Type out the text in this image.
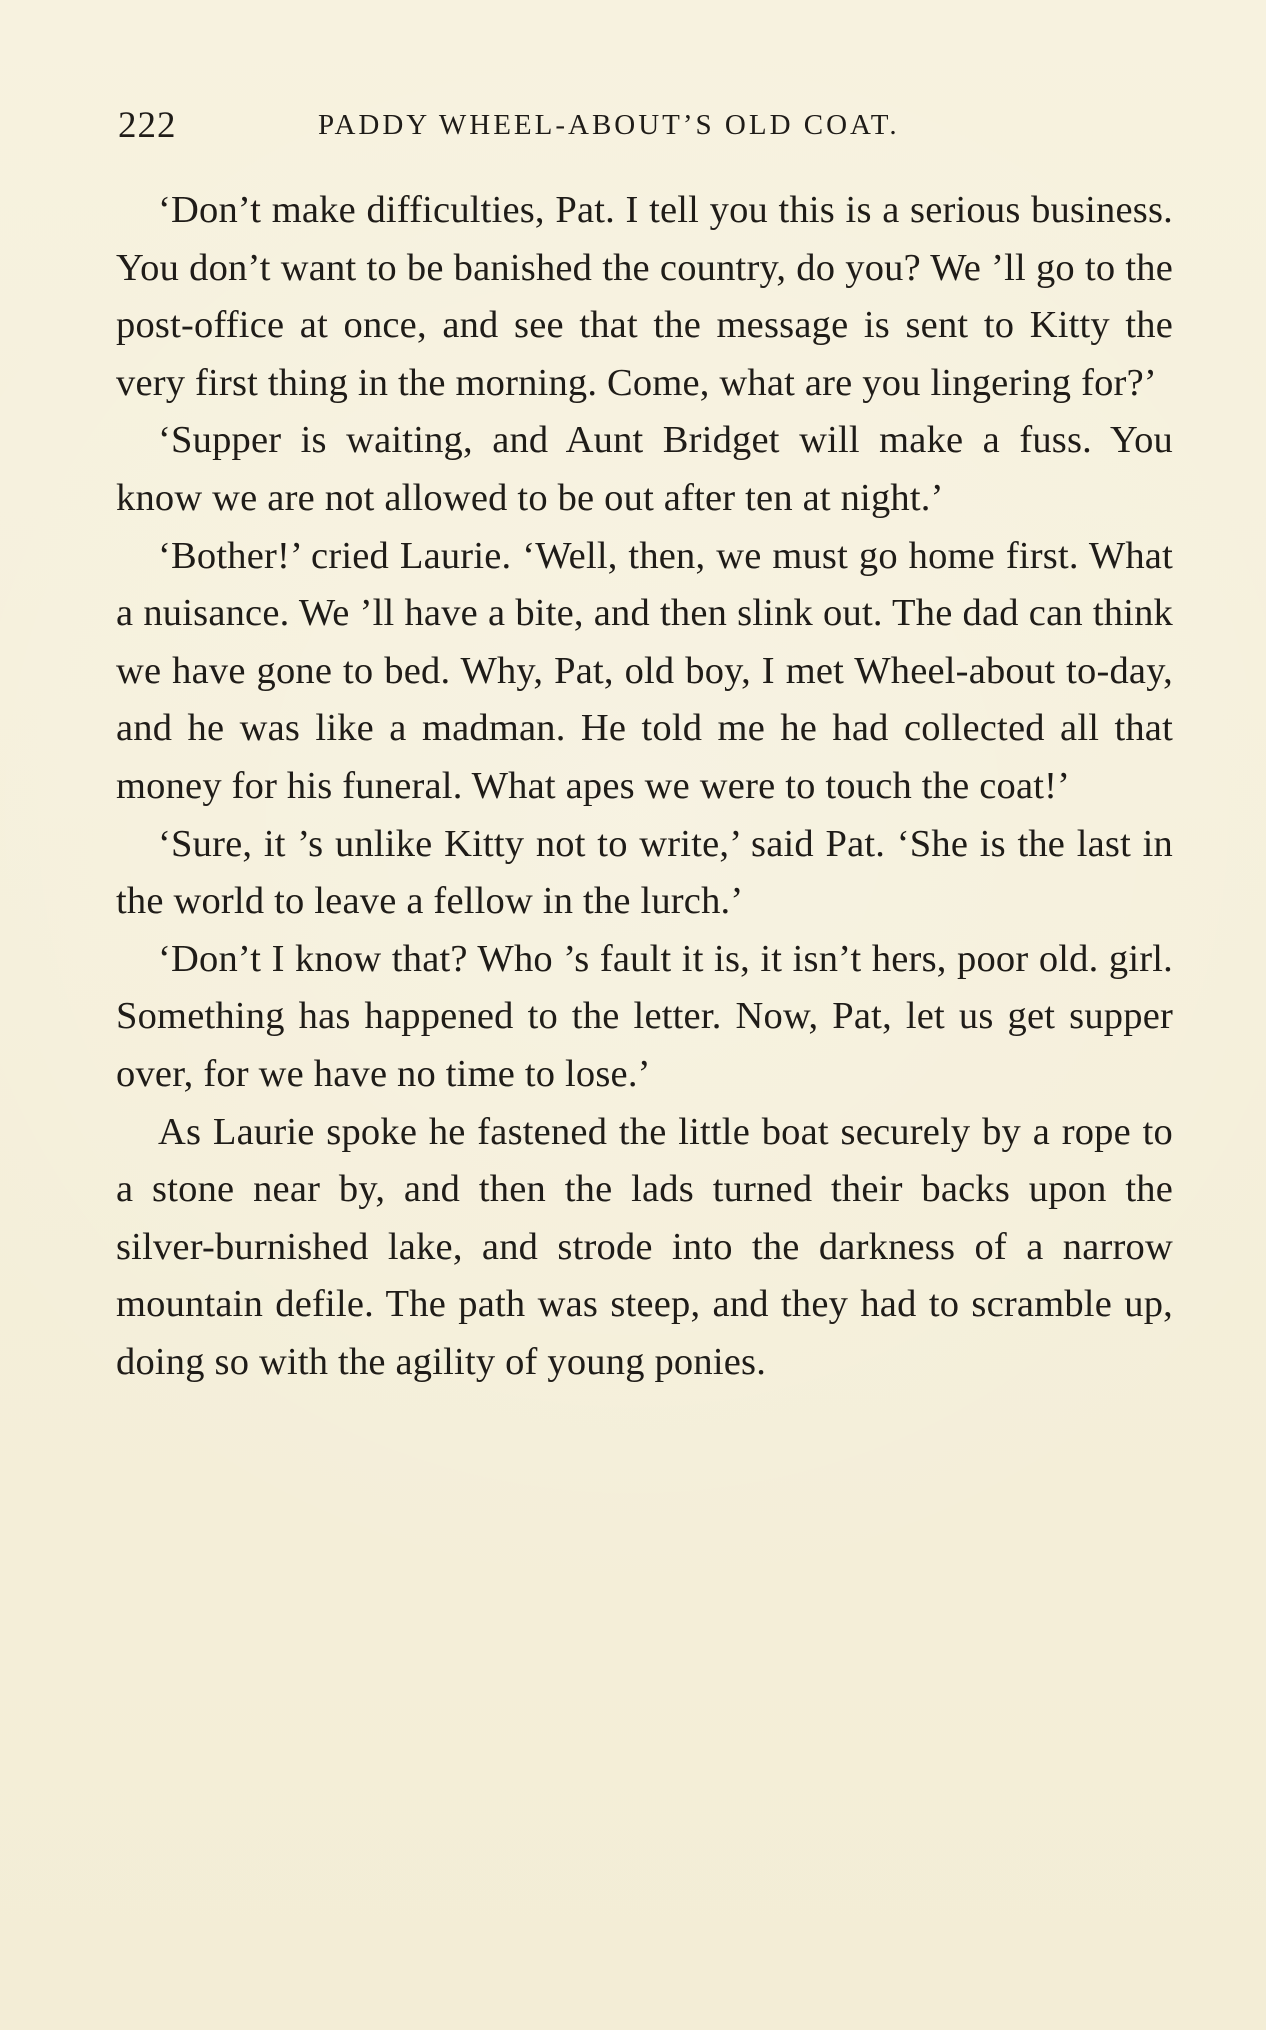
222	PADDY WHEEL-ABOUT’S OLD COAT.

‘Don’t make difficulties, Pat. I tell you this is a serious business. You don’t want to be banished the country, do you? We ’ll go to the post-office at once, and see that the message is sent to Kitty the very first thing in the morning. Come, what are you lingering for?’

‘Supper is waiting, and Aunt Bridget will make a fuss. You know we are not allowed to be out after ten at night.’

‘Bother!’ cried Laurie. ‘Well, then, we must go home first. What a nuisance. We ’ll have a bite, and then slink out. The dad can think we have gone to bed. Why, Pat, old boy, I met Wheel-about to-day, and he was like a madman. He told me he had collected all that money for his funeral. What apes we were to touch the coat!’

‘Sure, it ’s unlike Kitty not to write,’ said Pat. ‘She is the last in the world to leave a fellow in the lurch.’

‘Don’t I know that? Who ’s fault it is, it isn’t hers, poor old. girl. Something has happened to the letter. Now, Pat, let us get supper over, for we have no time to lose.’

As Laurie spoke he fastened the little boat securely by a rope to a stone near by, and then the lads turned their backs upon the silver-burnished lake, and strode into the darkness of a narrow mountain defile. The path was steep, and they had to scramble up, doing so with the agility of young ponies.
